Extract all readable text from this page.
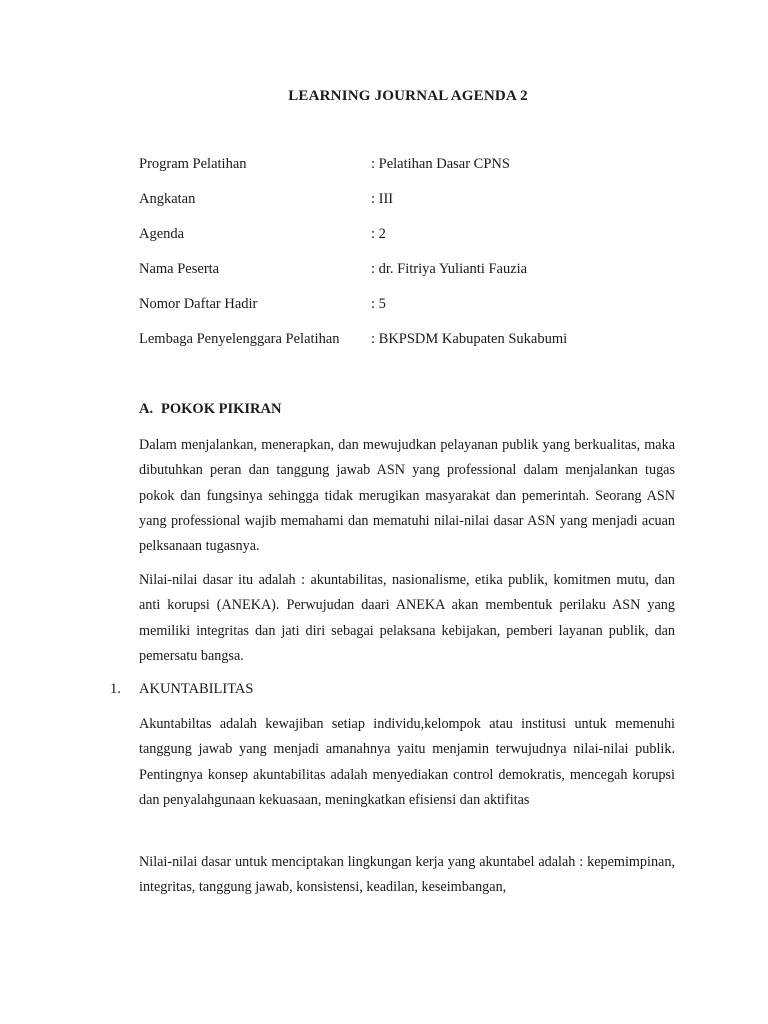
LEARNING JOURNAL AGENDA 2
Program Pelatihan	: Pelatihan Dasar CPNS
Angkatan	: III
Agenda	: 2
Nama Peserta	: dr. Fitriya Yulianti Fauzia
Nomor Daftar Hadir	: 5
Lembaga Penyelenggara Pelatihan : BKPSDM Kabupaten Sukabumi
A. POKOK PIKIRAN

Dalam menjalankan, menerapkan, dan mewujudkan pelayanan publik yang berkualitas, maka dibutuhkan peran dan tanggung jawab ASN yang professional dalam menjalankan tugas pokok dan fungsinya sehingga tidak merugikan masyarakat dan pemerintah. Seorang ASN yang professional wajib memahami dan mematuhi nilai-nilai dasar ASN yang menjadi acuan pelksanaan tugasnya.

Nilai-nilai dasar itu adalah : akuntabilitas, nasionalisme, etika publik, komitmen mutu, dan anti korupsi (ANEKA). Perwujudan daari ANEKA akan membentuk perilaku ASN yang memiliki integritas dan jati diri sebagai pelaksana kebijakan, pemberi layanan publik, dan pemersatu bangsa.

1. AKUNTABILITAS

Akuntabiltas adalah kewajiban setiap individu,kelompok atau institusi untuk memenuhi tanggung jawab yang menjadi amanahnya yaitu menjamin terwujudnya nilai-nilai publik. Pentingnya konsep akuntabilitas adalah menyediakan control demokratis, mencegah korupsi dan penyalahgunaan kekuasaan, meningkatkan efisiensi dan aktifitas

Nilai-nilai dasar untuk menciptakan lingkungan kerja yang akuntabel adalah : kepemimpinan, integritas, tanggung jawab, konsistensi, keadilan, keseimbangan,
